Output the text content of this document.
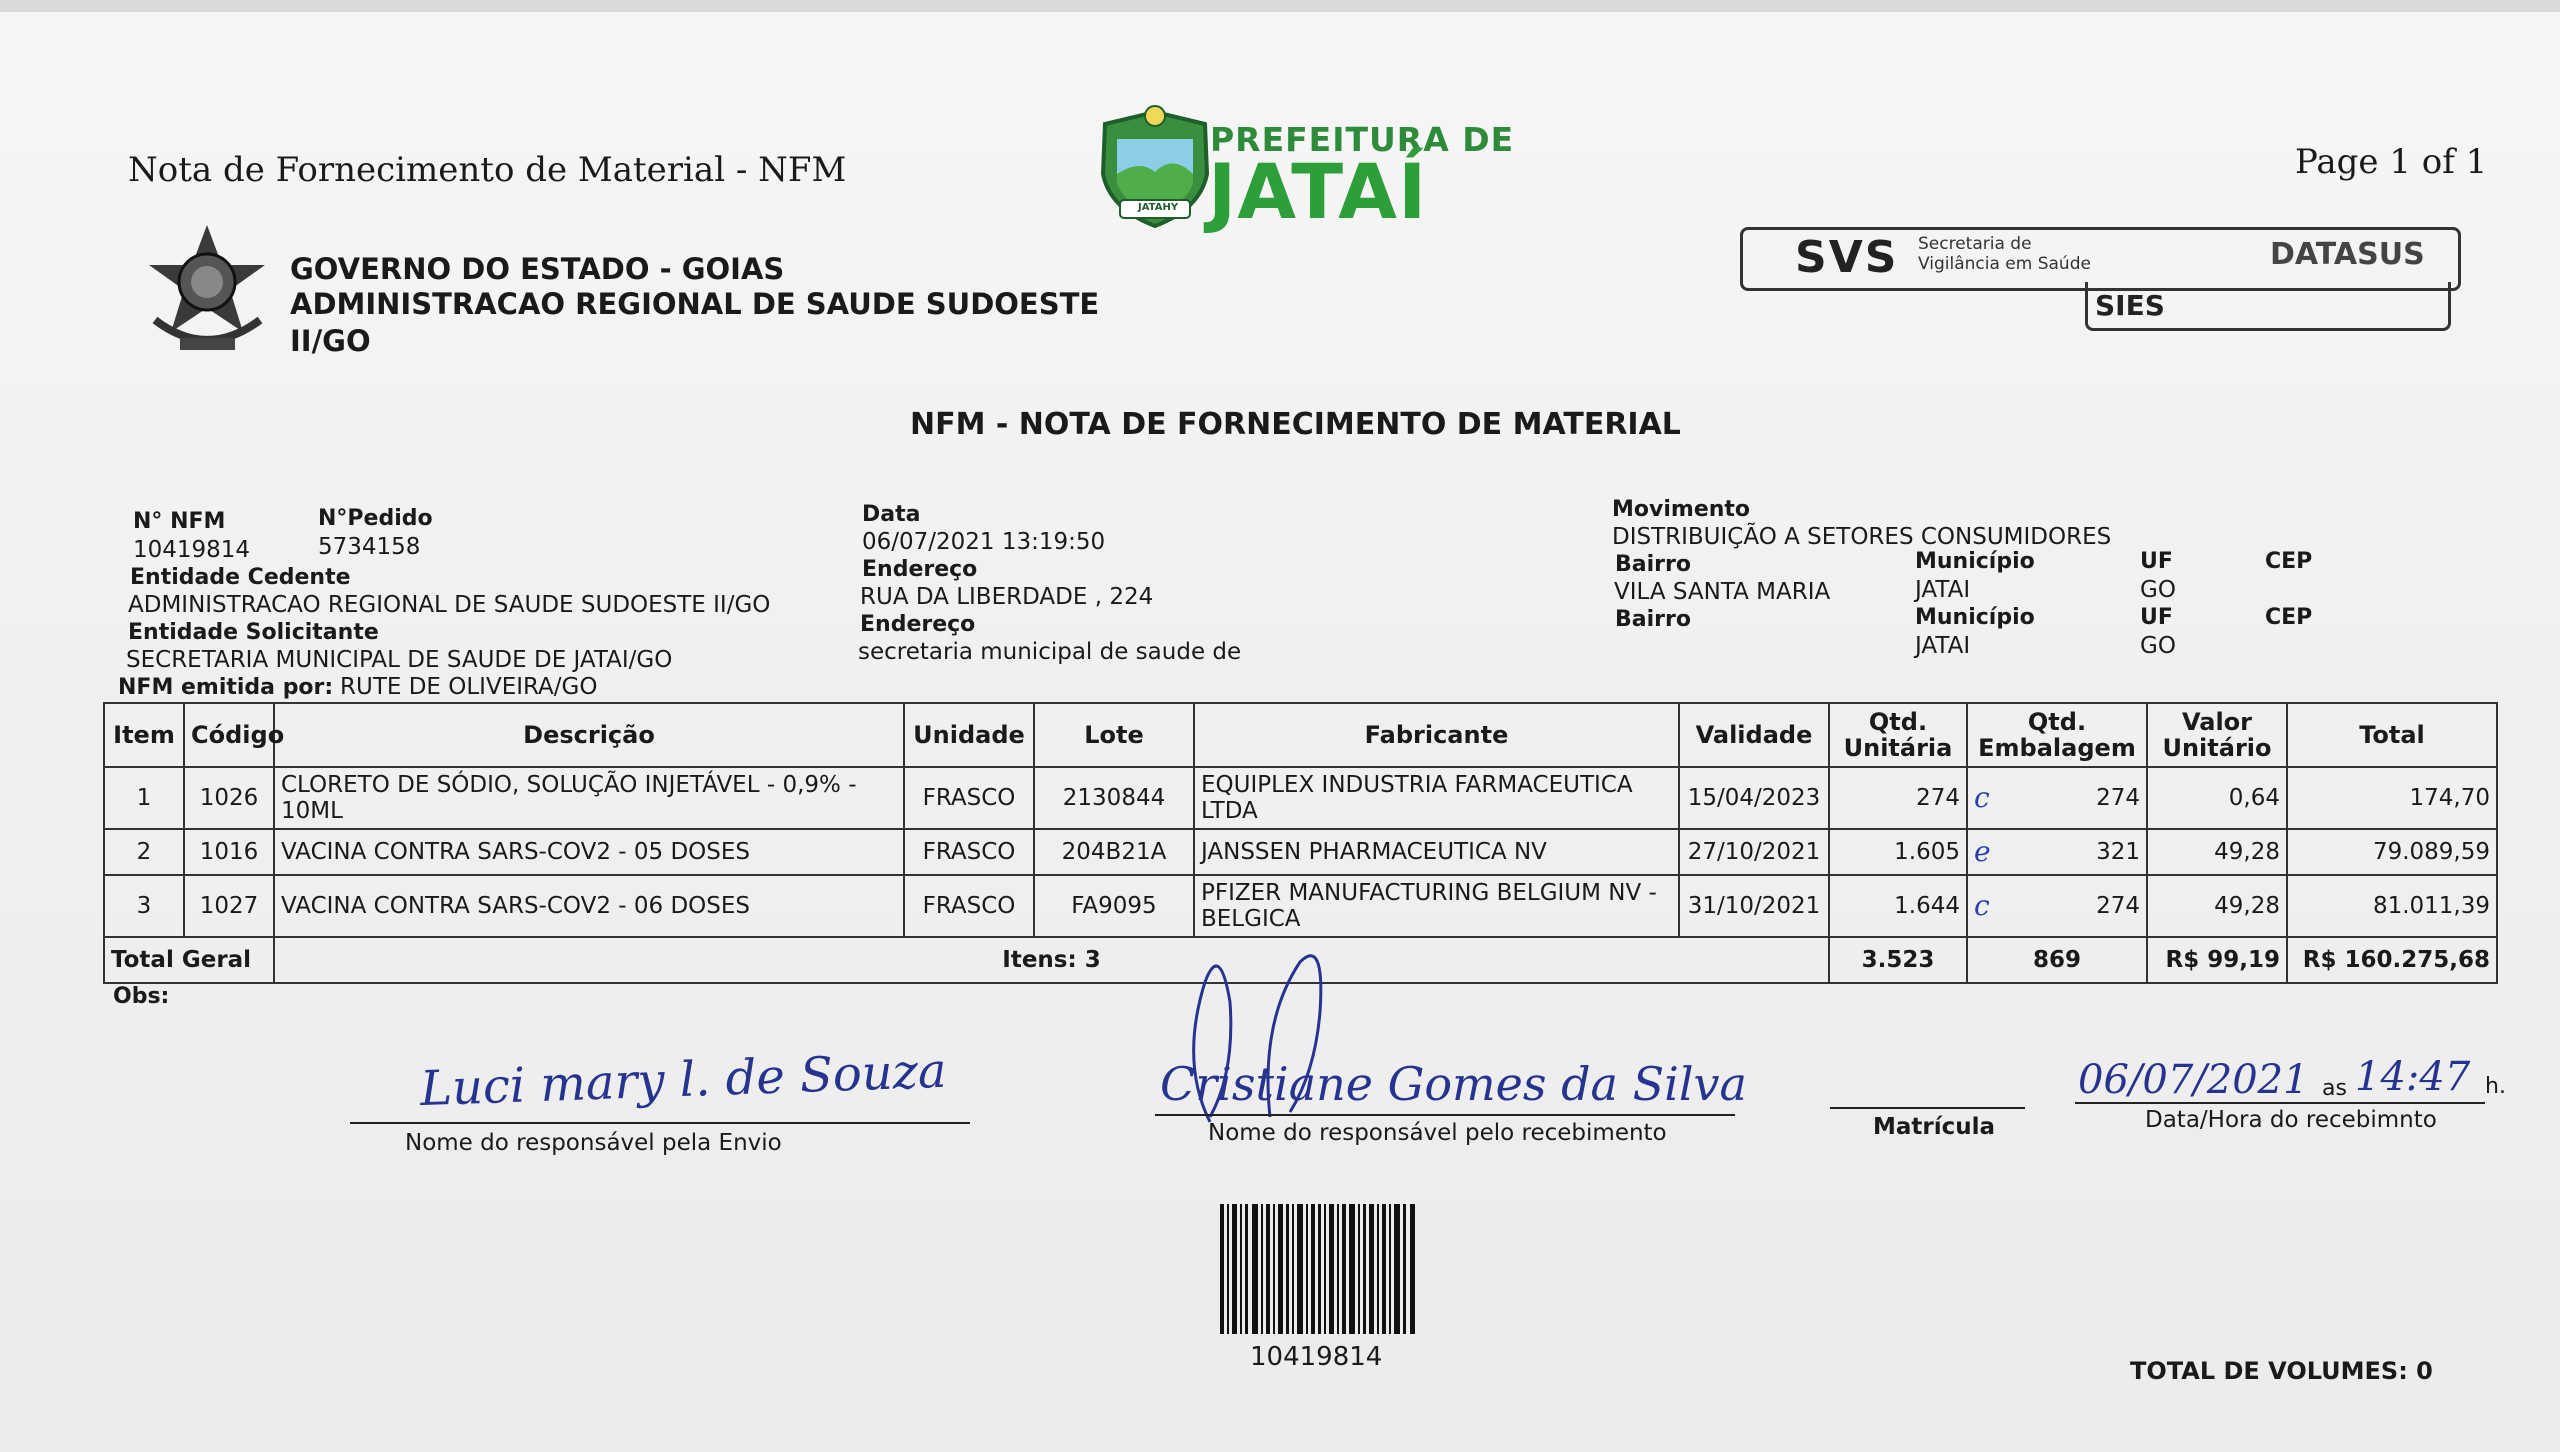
Nota de Fornecimento de Material - NFM	Page 1 of 1
JATAHY
PREFEITURA DE
JATAÍ
GOVERNO DO ESTADO - GOIAS
ADMINISTRACAO REGIONAL DE SAUDE SUDOESTE
II/GO
SVS Secretaria de
Vigilância em Saúde	DATASUS
SIES
NFM - NOTA DE FORNECIMENTO DE MATERIAL
N° NFM
10419814
N°Pedido
5734158
Entidade Cedente
ADMINISTRACAO REGIONAL DE SAUDE SUDOESTE II/GO
Entidade Solicitante
SECRETARIA MUNICIPAL DE SAUDE DE JATAI/GO
NFM emitida por: RUTE DE OLIVEIRA/GO
Data
06/07/2021 13:19:50
Endereço
RUA DA LIBERDADE , 224
Endereço
secretaria municipal de saude de
Movimento
DISTRIBUIÇÃO A SETORES CONSUMIDORES
Bairro
VILA SANTA MARIA
Município
JATAI
UF
GO
CEP
Bairro	Município
JATAI
UF
GO
CEP
Item	Código	Descrição	Unidade	Lote	Fabricante	Validade	Qtd. Unitária	Qtd. Embalagem	Valor Unitário	Total
1	1026	CLORETO DE SÓDIO, SOLUÇÃO INJETÁVEL - 0,9% - 10ML	FRASCO	2130844	EQUIPLEX INDUSTRIA FARMACEUTICA LTDA	15/04/2023	274	c 274	0,64	174,70
2	1016	VACINA CONTRA SARS-COV2 - 05 DOSES	FRASCO	204B21A	JANSSEN PHARMACEUTICA NV	27/10/2021	1.605	e 321	49,28	79.089,59
3	1027	VACINA CONTRA SARS-COV2 - 06 DOSES	FRASCO	FA9095	PFIZER MANUFACTURING BELGIUM NV - BELGICA	31/10/2021	1.644	c 274	49,28	81.011,39
Total Geral		Itens: 3					3.523	869	R$ 99,19	R$ 160.275,68
Obs:
Luci mary l. de Souza
Nome do responsável pela Envio
Cristiane Gomes da Silva
Nome do responsável pelo recebimento	Matrícula
06/07/2021 as 14:47 h.
Data/Hora do recebimnto
10419814	TOTAL DE VOLUMES: 0
